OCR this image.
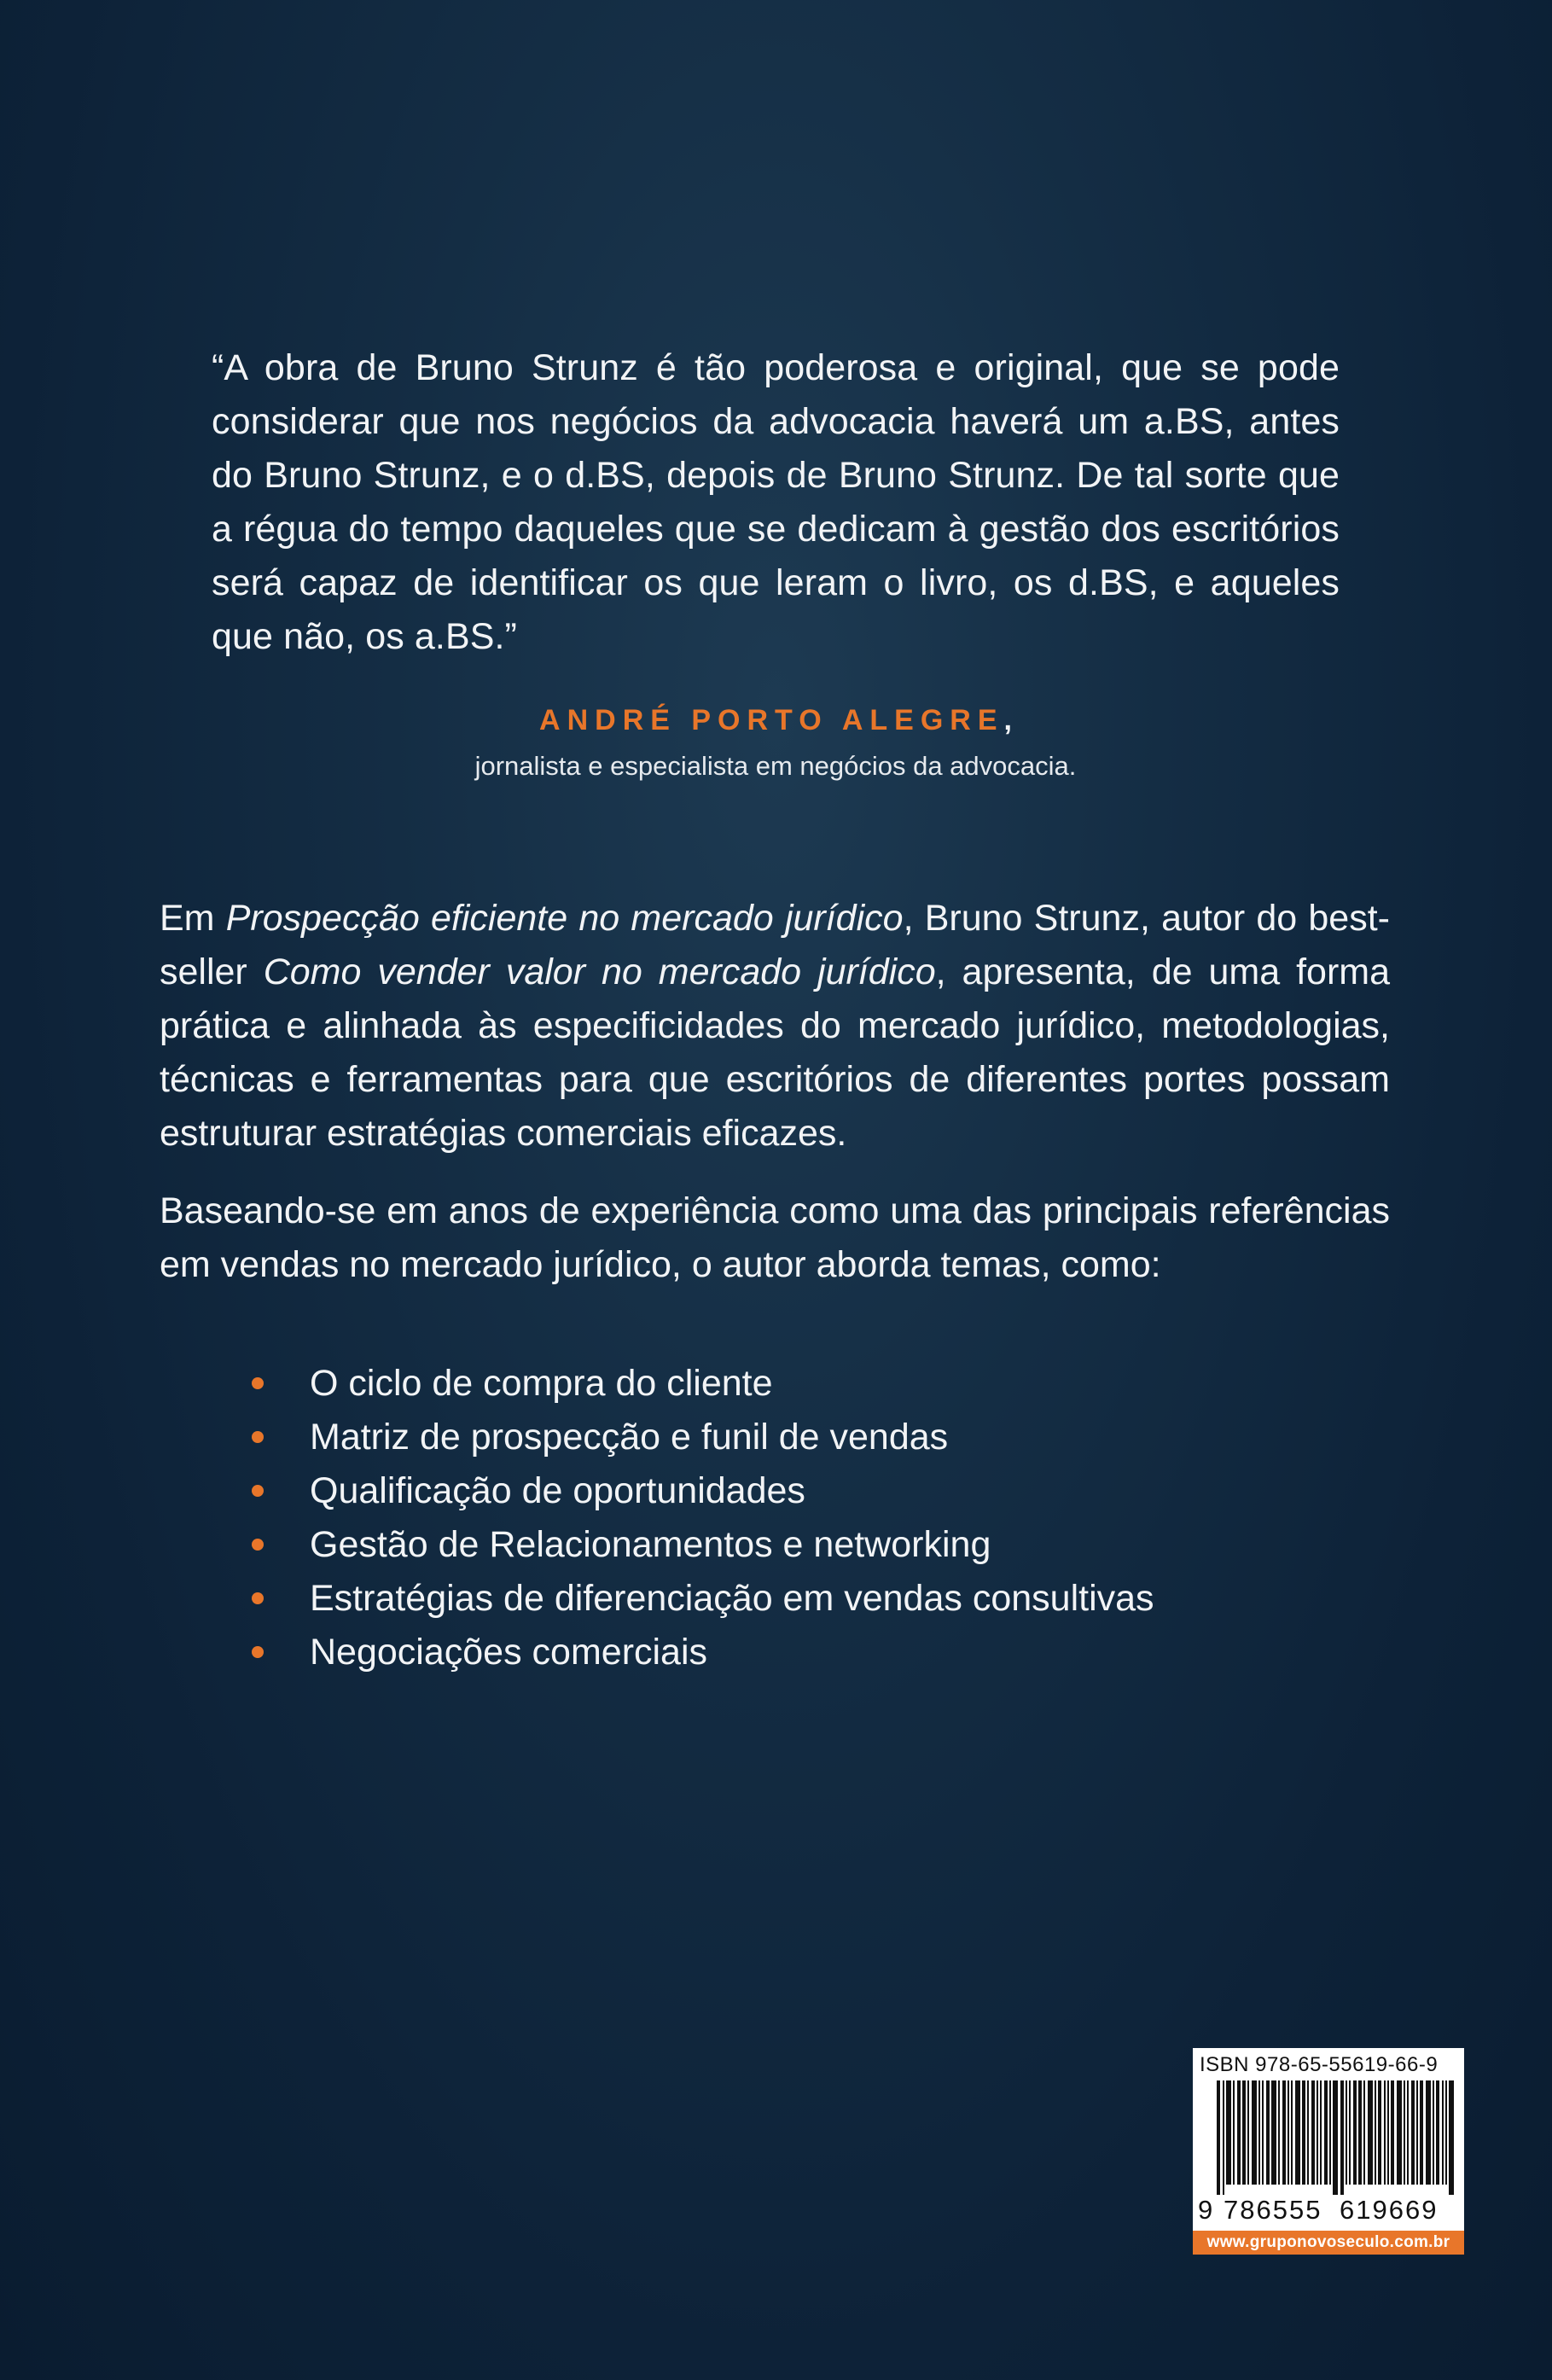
“A obra de Bruno Strunz é tão poderosa e original, que se pode considerar que nos negócios da advocacia haverá um a.BS, antes do Bruno Strunz, e o d.BS, depois de Bruno Strunz. De tal sorte que a régua do tempo daqueles que se dedicam à gestão dos escritórios será capaz de identificar os que leram o livro, os d.BS, e aqueles que não, os a.BS.”

ANDRÉ PORTO ALEGRE,
jornalista e especialista em negócios da advocacia.

Em Prospecção eficiente no mercado jurídico, Bruno Strunz, autor do best-seller Como vender valor no mercado jurídico, apresenta, de uma forma prática e alinhada às especificidades do mercado jurídico, metodologias, técnicas e ferramentas para que escritórios de diferentes portes possam estruturar estratégias comerciais eficazes.

Baseando-se em anos de experiência como uma das principais referências em vendas no mercado jurídico, o autor aborda temas, como:

O ciclo de compra do cliente
Matriz de prospecção e funil de vendas
Qualificação de oportunidades
Gestão de Relacionamentos e networking
Estratégias de diferenciação em vendas consultivas
Negociações comerciais
ISBN 978-65-55619-66-9
9 786555 619669
www.gruponovoseculo.com.br
